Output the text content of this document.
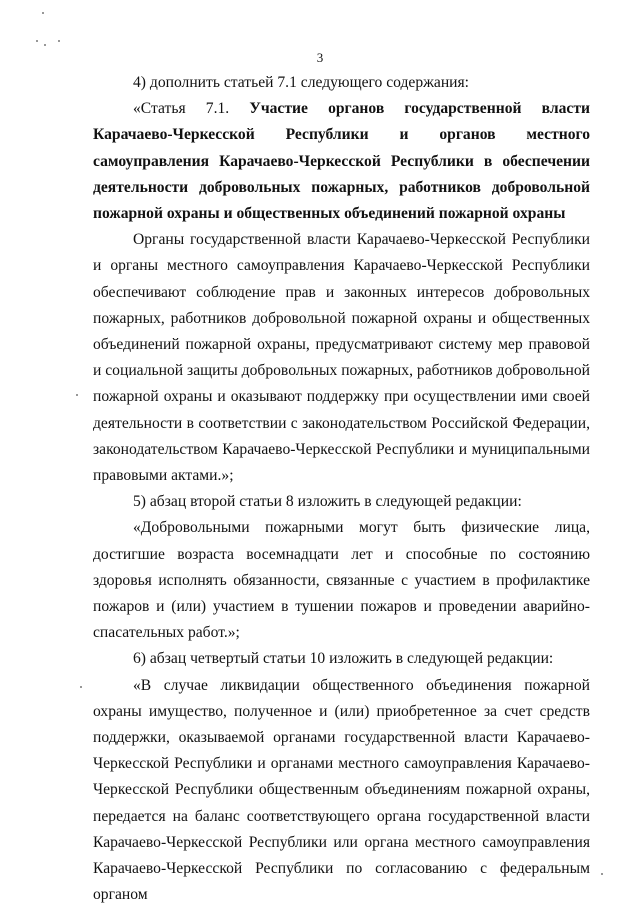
3

4) дополнить статьей 7.1 следующего содержания:

«Статья 7.1. Участие органов государственной власти Карачаево-Черкесской Республики и органов местного самоуправления Карачаево-Черкесской Республики в обеспечении деятельности добровольных пожарных, работников добровольной пожарной охраны и общественных объединений пожарной охраны

Органы государственной власти Карачаево-Черкесской Республики и органы местного самоуправления Карачаево-Черкесской Республики обеспечивают соблюдение прав и законных интересов добровольных пожарных, работников добровольной пожарной охраны и общественных объединений пожарной охраны, предусматривают систему мер правовой и социальной защиты добровольных пожарных, работников добровольной пожарной охраны и оказывают поддержку при осуществлении ими своей деятельности в соответствии с законодательством Российской Федерации, законодательством Карачаево-Черкесской Республики и муниципальными правовыми актами.»;

5) абзац второй статьи 8 изложить в следующей редакции:

«Добровольными пожарными могут быть физические лица, достигшие возраста восемнадцати лет и способные по состоянию здоровья исполнять обязанности, связанные с участием в профилактике пожаров и (или) участием в тушении пожаров и проведении аварийно-спасательных работ.»;

6) абзац четвертый статьи 10 изложить в следующей редакции:

«В случае ликвидации общественного объединения пожарной охраны имущество, полученное и (или) приобретенное за счет средств поддержки, оказываемой органами государственной власти Карачаево-Черкесской Республики и органами местного самоуправления Карачаево-Черкесской Республики общественным объединениям пожарной охраны, передается на баланс соответствующего органа государственной власти Карачаево-Черкесской Республики или органа местного самоуправления Карачаево-Черкесской Республики по согласованию с федеральным органом
